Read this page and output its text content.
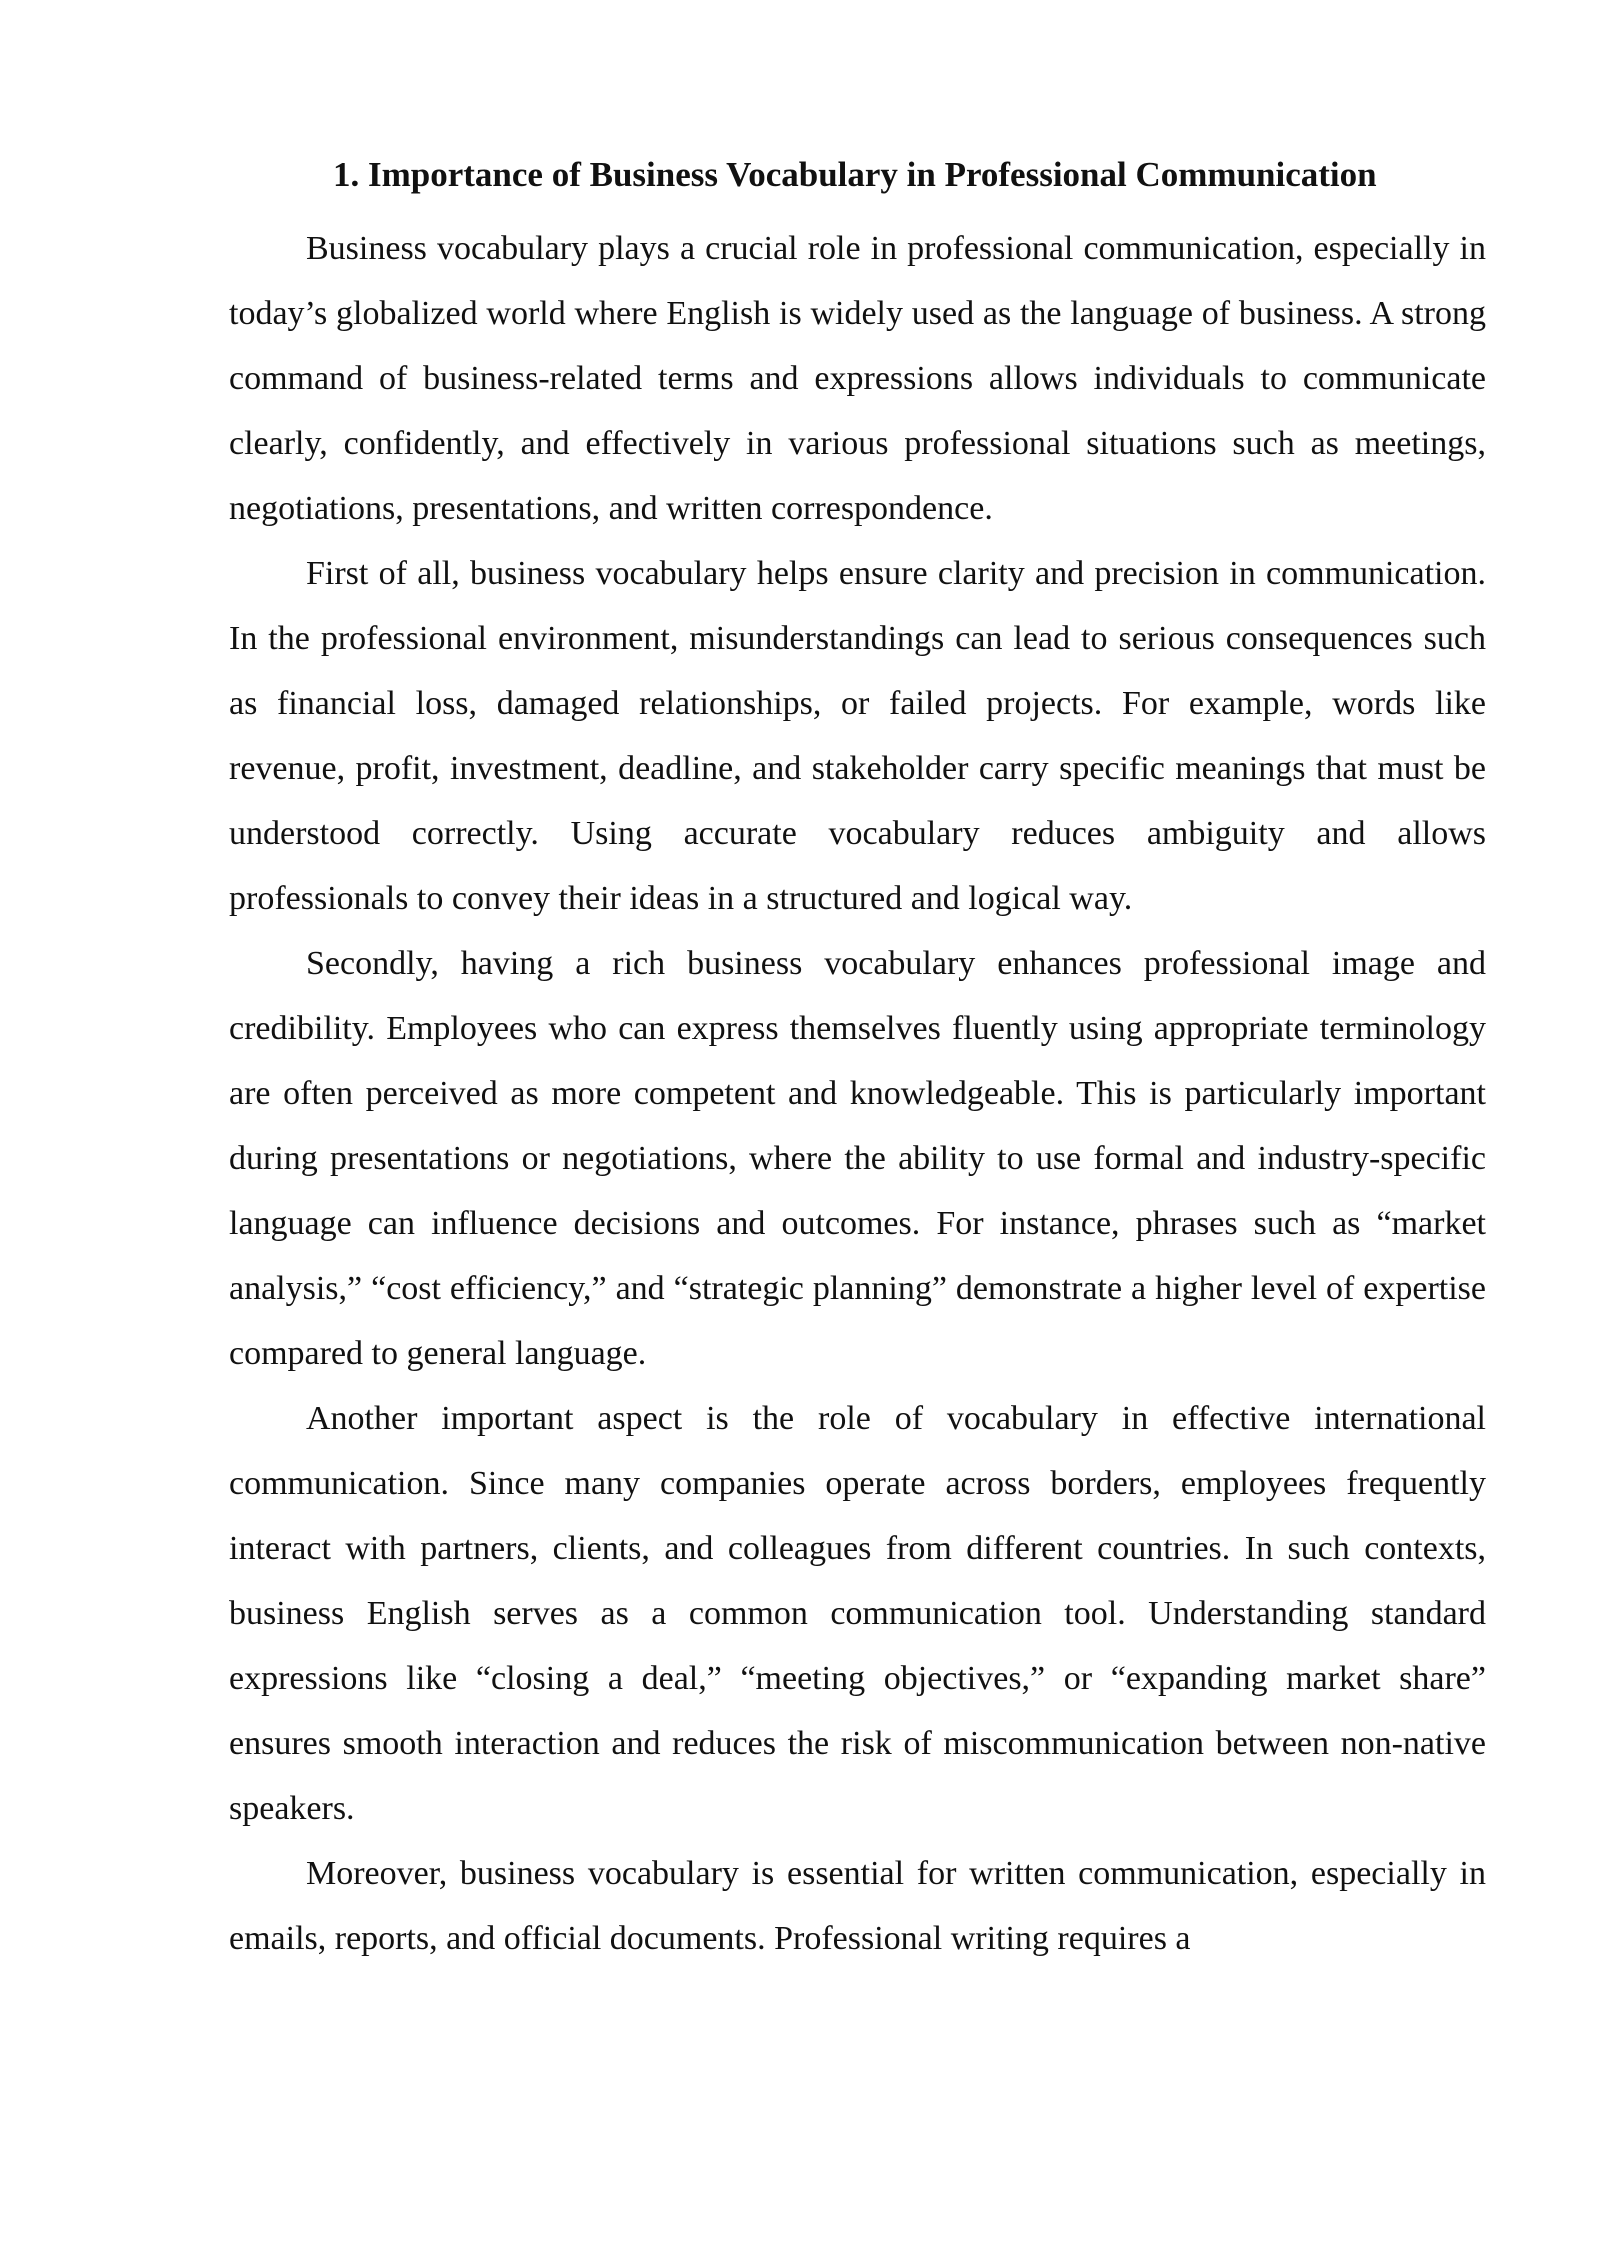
1. Importance of Business Vocabulary in Professional Communication

Business vocabulary plays a crucial role in professional communication, especially in today’s globalized world where English is widely used as the language of business. A strong command of business-related terms and expressions allows individuals to communicate clearly, confidently, and effectively in various professional situations such as meetings, negotiations, presentations, and written correspondence.

First of all, business vocabulary helps ensure clarity and precision in communication. In the professional environment, misunderstandings can lead to serious consequences such as financial loss, damaged relationships, or failed projects. For example, words like revenue, profit, investment, deadline, and stakeholder carry specific meanings that must be understood correctly. Using accurate vocabulary reduces ambiguity and allows professionals to convey their ideas in a structured and logical way.

Secondly, having a rich business vocabulary enhances professional image and credibility. Employees who can express themselves fluently using appropriate terminology are often perceived as more competent and knowledgeable. This is particularly important during presentations or negotiations, where the ability to use formal and industry-specific language can influence decisions and outcomes. For instance, phrases such as “market analysis,” “cost efficiency,” and “strategic planning” demonstrate a higher level of expertise compared to general language.

Another important aspect is the role of vocabulary in effective international communication. Since many companies operate across borders, employees frequently interact with partners, clients, and colleagues from different countries. In such contexts, business English serves as a common communication tool. Understanding standard expressions like “closing a deal,” “meeting objectives,” or “expanding market share” ensures smooth interaction and reduces the risk of miscommunication between non-native speakers.

Moreover, business vocabulary is essential for written communication, especially in emails, reports, and official documents. Professional writing requires a
